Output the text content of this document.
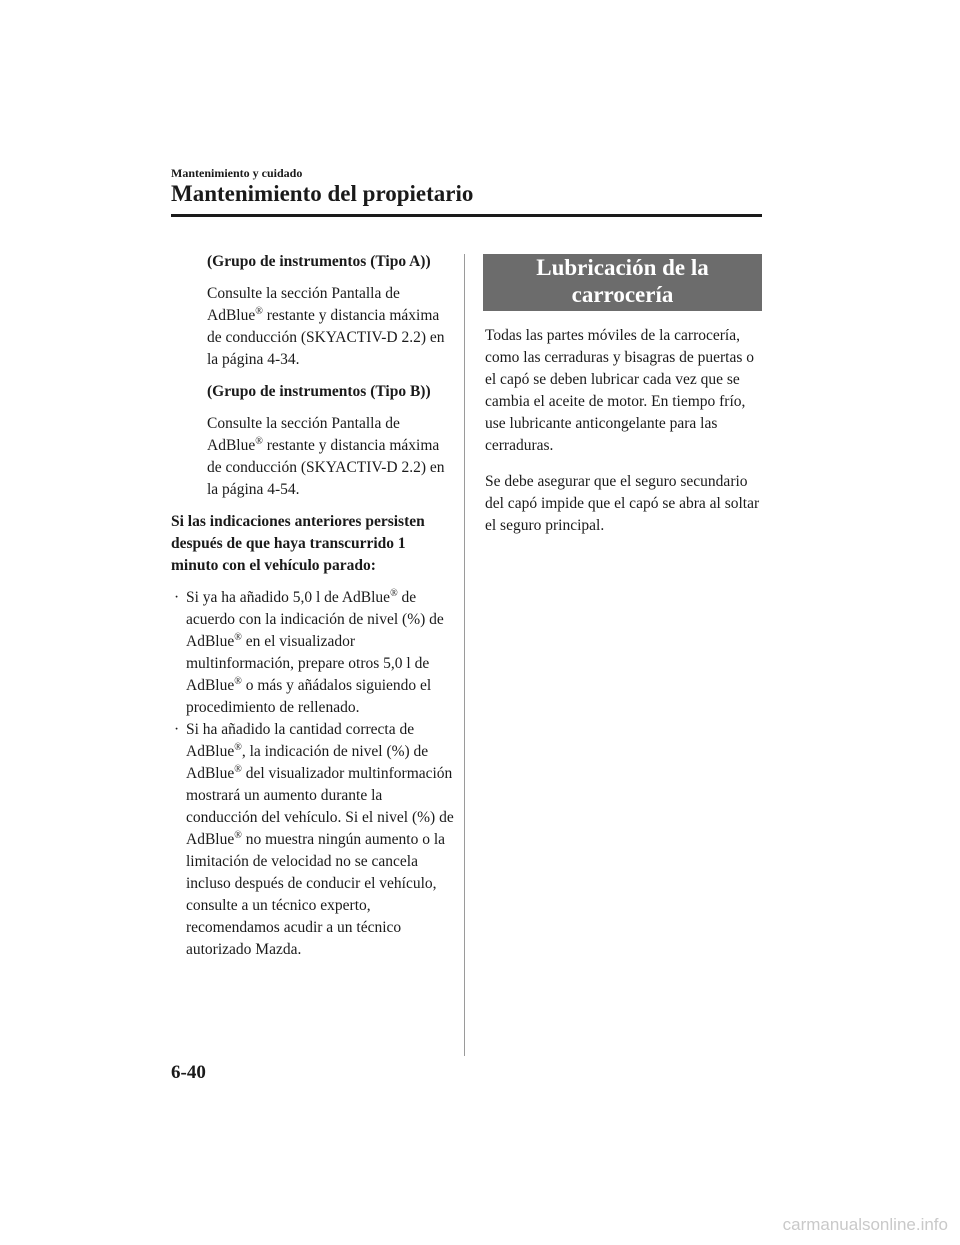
Mantenimiento y cuidado
Mantenimiento del propietario
(Grupo de instrumentos (Tipo A))
Consulte la sección Pantalla de AdBlue® restante y distancia máxima de conducción (SKYACTIV-D 2.2) en la página 4-34.
(Grupo de instrumentos (Tipo B))
Consulte la sección Pantalla de AdBlue® restante y distancia máxima de conducción (SKYACTIV-D 2.2) en la página 4-54.
Si las indicaciones anteriores persisten después de que haya transcurrido 1 minuto con el vehículo parado:
· Si ya ha añadido 5,0 l de AdBlue® de acuerdo con la indicación de nivel (%) de AdBlue® en el visualizador multinformación, prepare otros 5,0 l de AdBlue® o más y añádalos siguiendo el procedimiento de rellenado.
· Si ha añadido la cantidad correcta de AdBlue®, la indicación de nivel (%) de AdBlue® del visualizador multinformación mostrará un aumento durante la conducción del vehículo. Si el nivel (%) de AdBlue® no muestra ningún aumento o la limitación de velocidad no se cancela incluso después de conducir el vehículo, consulte a un técnico experto, recomendamos acudir a un técnico autorizado Mazda.
Lubricación de la
carrocería

Todas las partes móviles de la carrocería, como las cerraduras y bisagras de puertas o el capó se deben lubricar cada vez que se cambia el aceite de motor. En tiempo frío, use lubricante anticongelante para las cerraduras.

Se debe asegurar que el seguro secundario del capó impide que el capó se abra al soltar el seguro principal.

6-40
carmanualsonline.info
